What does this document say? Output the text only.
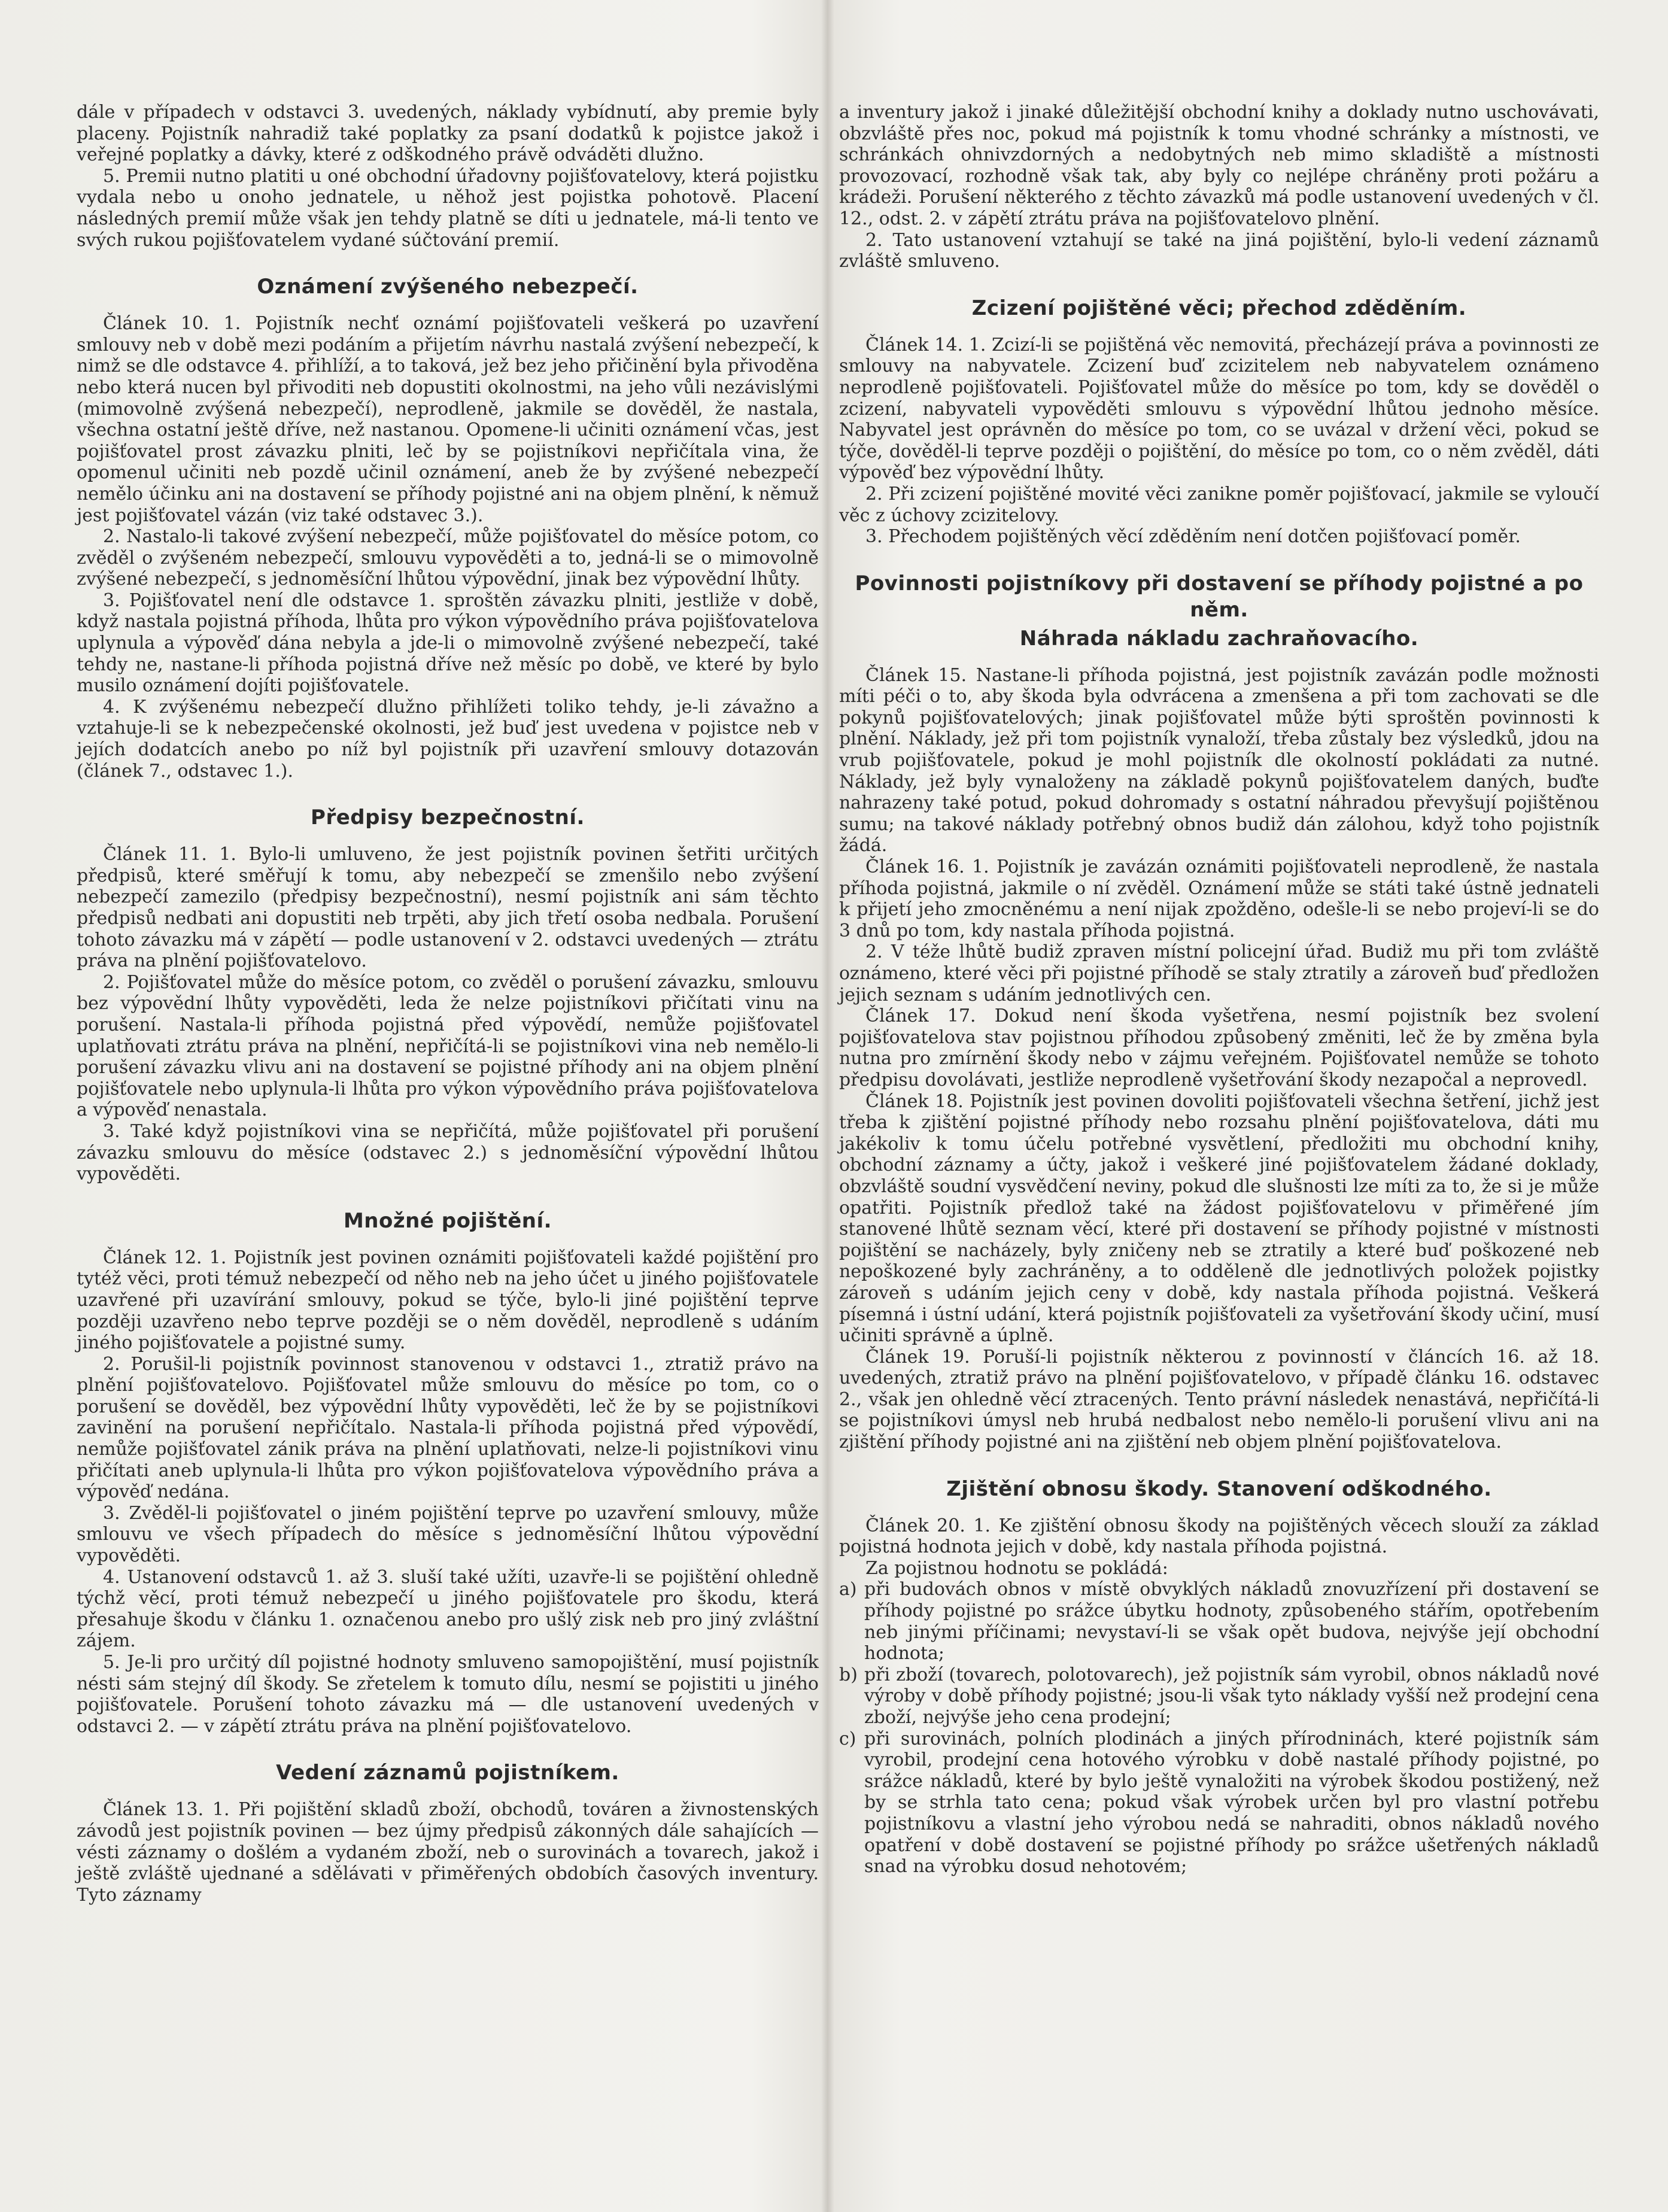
dále v případech v odstavci 3. uvedených, náklady vybídnutí, aby premie byly placeny. Pojistník nahradiž také poplatky za psaní dodatků k pojistce jakož i veřejné poplatky a dávky, které z odškodného právě odváděti dlužno.

5. Premii nutno platiti u oné obchodní úřadovny pojišťovatelovy, která pojistku vydala nebo u onoho jednatele, u něhož jest pojistka pohotově. Placení následných premií může však jen tehdy platně se díti u jednatele, má-li tento ve svých rukou pojišťovatelem vydané súčtování premií.

Oznámení zvýšeného nebezpečí.

Článek 10. 1. Pojistník nechť oznámí pojišťovateli veškerá po uzavření smlouvy neb v době mezi podáním a přijetím návrhu nastalá zvýšení nebezpečí, k nimž se dle odstavce 4. přihlíží, a to taková, jež bez jeho přičinění byla přivoděna nebo která nucen byl přivoditi neb dopustiti okolnostmi, na jeho vůli nezávislými (mimovolně zvýšená nebezpečí), neprodleně, jakmile se dověděl, že nastala, všechna ostatní ještě dříve, než nastanou. Opomene-li učiniti oznámení včas, jest pojišťovatel prost závazku plniti, leč by se pojistníkovi nepřičítala vina, že opomenul učiniti neb pozdě učinil oznámení, aneb že by zvýšené nebezpečí nemělo účinku ani na dostavení se příhody pojistné ani na objem plnění, k němuž jest pojišťovatel vázán (viz také odstavec 3.).

2. Nastalo-li takové zvýšení nebezpečí, může pojišťovatel do měsíce potom, co zvěděl o zvýšeném nebezpečí, smlouvu vypověděti a to, jedná-li se o mimovolně zvýšené nebezpečí, s jednoměsíční lhůtou výpovědní, jinak bez výpovědní lhůty.

3. Pojišťovatel není dle odstavce 1. sproštěn závazku plniti, jestliže v době, když nastala pojistná příhoda, lhůta pro výkon výpovědního práva pojišťovatelova uplynula a výpověď dána nebyla a jde-li o mimovolně zvýšené nebezpečí, také tehdy ne, nastane-li příhoda pojistná dříve než měsíc po době, ve které by bylo musilo oznámení dojíti pojišťovatele.

4. K zvýšenému nebezpečí dlužno přihlížeti toliko tehdy, je-li závažno a vztahuje-li se k nebezpečenské okolnosti, jež buď jest uvedena v pojistce neb v jejích dodatcích anebo po níž byl pojistník při uzavření smlouvy dotazován (článek 7., odstavec 1.).

Předpisy bezpečnostní.

Článek 11. 1. Bylo-li umluveno, že jest pojistník povinen šetřiti určitých předpisů, které směřují k tomu, aby nebezpečí se zmenšilo nebo zvýšení nebezpečí zamezilo (předpisy bezpečnostní), nesmí pojistník ani sám těchto předpisů nedbati ani dopustiti neb trpěti, aby jich třetí osoba nedbala. Porušení tohoto závazku má v zápětí — podle ustanovení v 2. odstavci uvedených — ztrátu práva na plnění pojišťovatelovo.

2. Pojišťovatel může do měsíce potom, co zvěděl o porušení závazku, smlouvu bez výpovědní lhůty vypověděti, leda že nelze pojistníkovi přičítati vinu na porušení. Nastala-li příhoda pojistná před výpovědí, nemůže pojišťovatel uplatňovati ztrátu práva na plnění, nepřičítá-li se pojistníkovi vina neb nemělo-li porušení závazku vlivu ani na dostavení se pojistné příhody ani na objem plnění pojišťovatele nebo uplynula-li lhůta pro výkon výpovědního práva pojišťovatelova a výpověď nenastala.

3. Také když pojistníkovi vina se nepřičítá, může pojišťovatel při porušení závazku smlouvu do měsíce (odstavec 2.) s jednoměsíční výpovědní lhůtou vypověděti.

Množné pojištění.

Článek 12. 1. Pojistník jest povinen oznámiti pojišťovateli každé pojištění pro tytéž věci, proti témuž nebezpečí od něho neb na jeho účet u jiného pojišťovatele uzavřené při uzavírání smlouvy, pokud se týče, bylo-li jiné pojištění teprve později uzavřeno nebo teprve později se o něm dověděl, neprodleně s udáním jiného pojišťovatele a pojistné sumy.

2. Porušil-li pojistník povinnost stanovenou v odstavci 1., ztratiž právo na plnění pojišťovatelovo. Pojišťovatel může smlouvu do měsíce po tom, co o porušení se dověděl, bez výpovědní lhůty vypověděti, leč že by se pojistníkovi zavinění na porušení nepřičítalo. Nastala-li příhoda pojistná před výpovědí, nemůže pojišťovatel zánik práva na plnění uplatňovati, nelze-li pojistníkovi vinu přičítati aneb uplynula-li lhůta pro výkon pojišťovatelova výpovědního práva a výpověď nedána.

3. Zvěděl-li pojišťovatel o jiném pojištění teprve po uzavření smlouvy, může smlouvu ve všech případech do měsíce s jednoměsíční lhůtou výpovědní vypověděti.

4. Ustanovení odstavců 1. až 3. sluší také užíti, uzavře-li se pojištění ohledně týchž věcí, proti témuž nebezpečí u jiného pojišťovatele pro škodu, která přesahuje škodu v článku 1. označenou anebo pro ušlý zisk neb pro jiný zvláštní zájem.

5. Je-li pro určitý díl pojistné hodnoty smluveno samopojištění, musí pojistník nésti sám stejný díl škody. Se zřetelem k tomuto dílu, nesmí se pojistiti u jiného pojišťovatele. Porušení tohoto závazku má — dle ustanovení uvedených v odstavci 2. — v zápětí ztrátu práva na plnění pojišťovatelovo.

Vedení záznamů pojistníkem.

Článek 13. 1. Při pojištění skladů zboží, obchodů, továren a živnostenských závodů jest pojistník povinen — bez újmy předpisů zákonných dále sahajících — vésti záznamy o došlém a vydaném zboží, neb o surovinách a tovarech, jakož i ještě zvláště ujednané a sdělávati v přiměřených obdobích časových inventury. Tyto záznamy

a inventury jakož i jinaké důležitější obchodní knihy a doklady nutno uschovávati, obzvláště přes noc, pokud má pojistník k tomu vhodné schránky a místnosti, ve schránkách ohnivzdorných a nedobytných neb mimo skladiště a místnosti provozovací, rozhodně však tak, aby byly co nejlépe chráněny proti požáru a krádeži. Porušení některého z těchto závazků má podle ustanovení uvedených v čl. 12., odst. 2. v zápětí ztrátu práva na pojišťovatelovo plnění.

2. Tato ustanovení vztahují se také na jiná pojištění, bylo-li vedení záznamů zvláště smluveno.

Zcizení pojištěné věci; přechod zděděním.

Článek 14. 1. Zcizí-li se pojištěná věc nemovitá, přecházejí práva a povinnosti ze smlouvy na nabyvatele. Zcizení buď zcizitelem neb nabyvatelem oznámeno neprodleně pojišťovateli. Pojišťovatel může do měsíce po tom, kdy se dověděl o zcizení, nabyvateli vypověděti smlouvu s výpovědní lhůtou jednoho měsíce. Nabyvatel jest oprávněn do měsíce po tom, co se uvázal v držení věci, pokud se týče, dověděl-li teprve později o pojištění, do měsíce po tom, co o něm zvěděl, dáti výpověď bez výpovědní lhůty.

2. Při zcizení pojištěné movité věci zanikne poměr pojišťovací, jakmile se vyloučí věc z úchovy zcizitelovy.

3. Přechodem pojištěných věcí zděděním není dotčen pojišťovací poměr.

Povinnosti pojistníkovy při dostavení se příhody pojistné a po něm.
Náhrada nákladu zachraňovacího.

Článek 15. Nastane-li příhoda pojistná, jest pojistník zavázán podle možnosti míti péči o to, aby škoda byla odvrácena a zmenšena a při tom zachovati se dle pokynů pojišťovatelových; jinak pojišťovatel může býti sproštěn povinnosti k plnění. Náklady, jež při tom pojistník vynaloží, třeba zůstaly bez výsledků, jdou na vrub pojišťovatele, pokud je mohl pojistník dle okolností pokládati za nutné. Náklady, jež byly vynaloženy na základě pokynů pojišťovatelem daných, buďte nahrazeny také potud, pokud dohromady s ostatní náhradou převyšují pojištěnou sumu; na takové náklady potřebný obnos budiž dán zálohou, když toho pojistník žádá.

Článek 16. 1. Pojistník je zavázán oznámiti pojišťovateli neprodleně, že nastala příhoda pojistná, jakmile o ní zvěděl. Oznámení může se státi také ústně jednateli k přijetí jeho zmocněnému a není nijak zpožděno, odešle-li se nebo projeví-li se do 3 dnů po tom, kdy nastala příhoda pojistná.

2. V téže lhůtě budiž zpraven místní policejní úřad. Budiž mu při tom zvláště oznámeno, které věci při pojistné příhodě se staly ztratily a zároveň buď předložen jejich seznam s udáním jednotlivých cen.

Článek 17. Dokud není škoda vyšetřena, nesmí pojistník bez svolení pojišťovatelova stav pojistnou příhodou způsobený změniti, leč že by změna byla nutna pro zmírnění škody nebo v zájmu veřejném. Pojišťovatel nemůže se tohoto předpisu dovolávati, jestliže neprodleně vyšetřování škody nezapočal a neprovedl.

Článek 18. Pojistník jest povinen dovoliti pojišťovateli všechna šetření, jichž jest třeba k zjištění pojistné příhody nebo rozsahu plnění pojišťovatelova, dáti mu jakékoliv k tomu účelu potřebné vysvětlení, předložiti mu obchodní knihy, obchodní záznamy a účty, jakož i veškeré jiné pojišťovatelem žádané doklady, obzvláště soudní vysvědčení neviny, pokud dle slušnosti lze míti za to, že si je může opatřiti. Pojistník předlož také na žádost pojišťovatelovu v přiměřené jím stanovené lhůtě seznam věcí, které při dostavení se příhody pojistné v místnosti pojištění se nacházely, byly zničeny neb se ztratily a které buď poškozené neb nepoškozené byly zachráněny, a to odděleně dle jednotlivých položek pojistky zároveň s udáním jejich ceny v době, kdy nastala příhoda pojistná. Veškerá písemná i ústní udání, která pojistník pojišťovateli za vyšetřování škody učiní, musí učiniti správně a úplně.

Článek 19. Poruší-li pojistník některou z povinností v článcích 16. až 18. uvedených, ztratiž právo na plnění pojišťovatelovo, v případě článku 16. odstavec 2., však jen ohledně věcí ztracených. Tento právní následek nenastává, nepřičítá-li se pojistníkovi úmysl neb hrubá nedbalost nebo nemělo-li porušení vlivu ani na zjištění příhody pojistné ani na zjištění neb objem plnění pojišťovatelova.

Zjištění obnosu škody. Stanovení odškodného.

Článek 20. 1. Ke zjištění obnosu škody na pojištěných věcech slouží za základ pojistná hodnota jejich v době, kdy nastala příhoda pojistná.

Za pojistnou hodnotu se pokládá:

a) při budovách obnos v místě obvyklých nákladů znovuzřízení při dostavení se příhody pojistné po srážce úbytku hodnoty, způsobeného stářím, opotřebením neb jinými příčinami; nevystaví-li se však opět budova, nejvýše její obchodní hodnota;
b) při zboží (tovarech, polotovarech), jež pojistník sám vyrobil, obnos nákladů nové výroby v době příhody pojistné; jsou-li však tyto náklady vyšší než prodejní cena zboží, nejvýše jeho cena prodejní;
c) při surovinách, polních plodinách a jiných přírodninách, které pojistník sám vyrobil, prodejní cena hotového výrobku v době nastalé příhody pojistné, po srážce nákladů, které by bylo ještě vynaložiti na výrobek škodou postižený, než by se strhla tato cena; pokud však výrobek určen byl pro vlastní potřebu pojistníkovu a vlastní jeho výrobou nedá se nahraditi, obnos nákladů nového opatření v době dostavení se pojistné příhody po srážce ušetřených nákladů snad na výrobku dosud nehotovém;
